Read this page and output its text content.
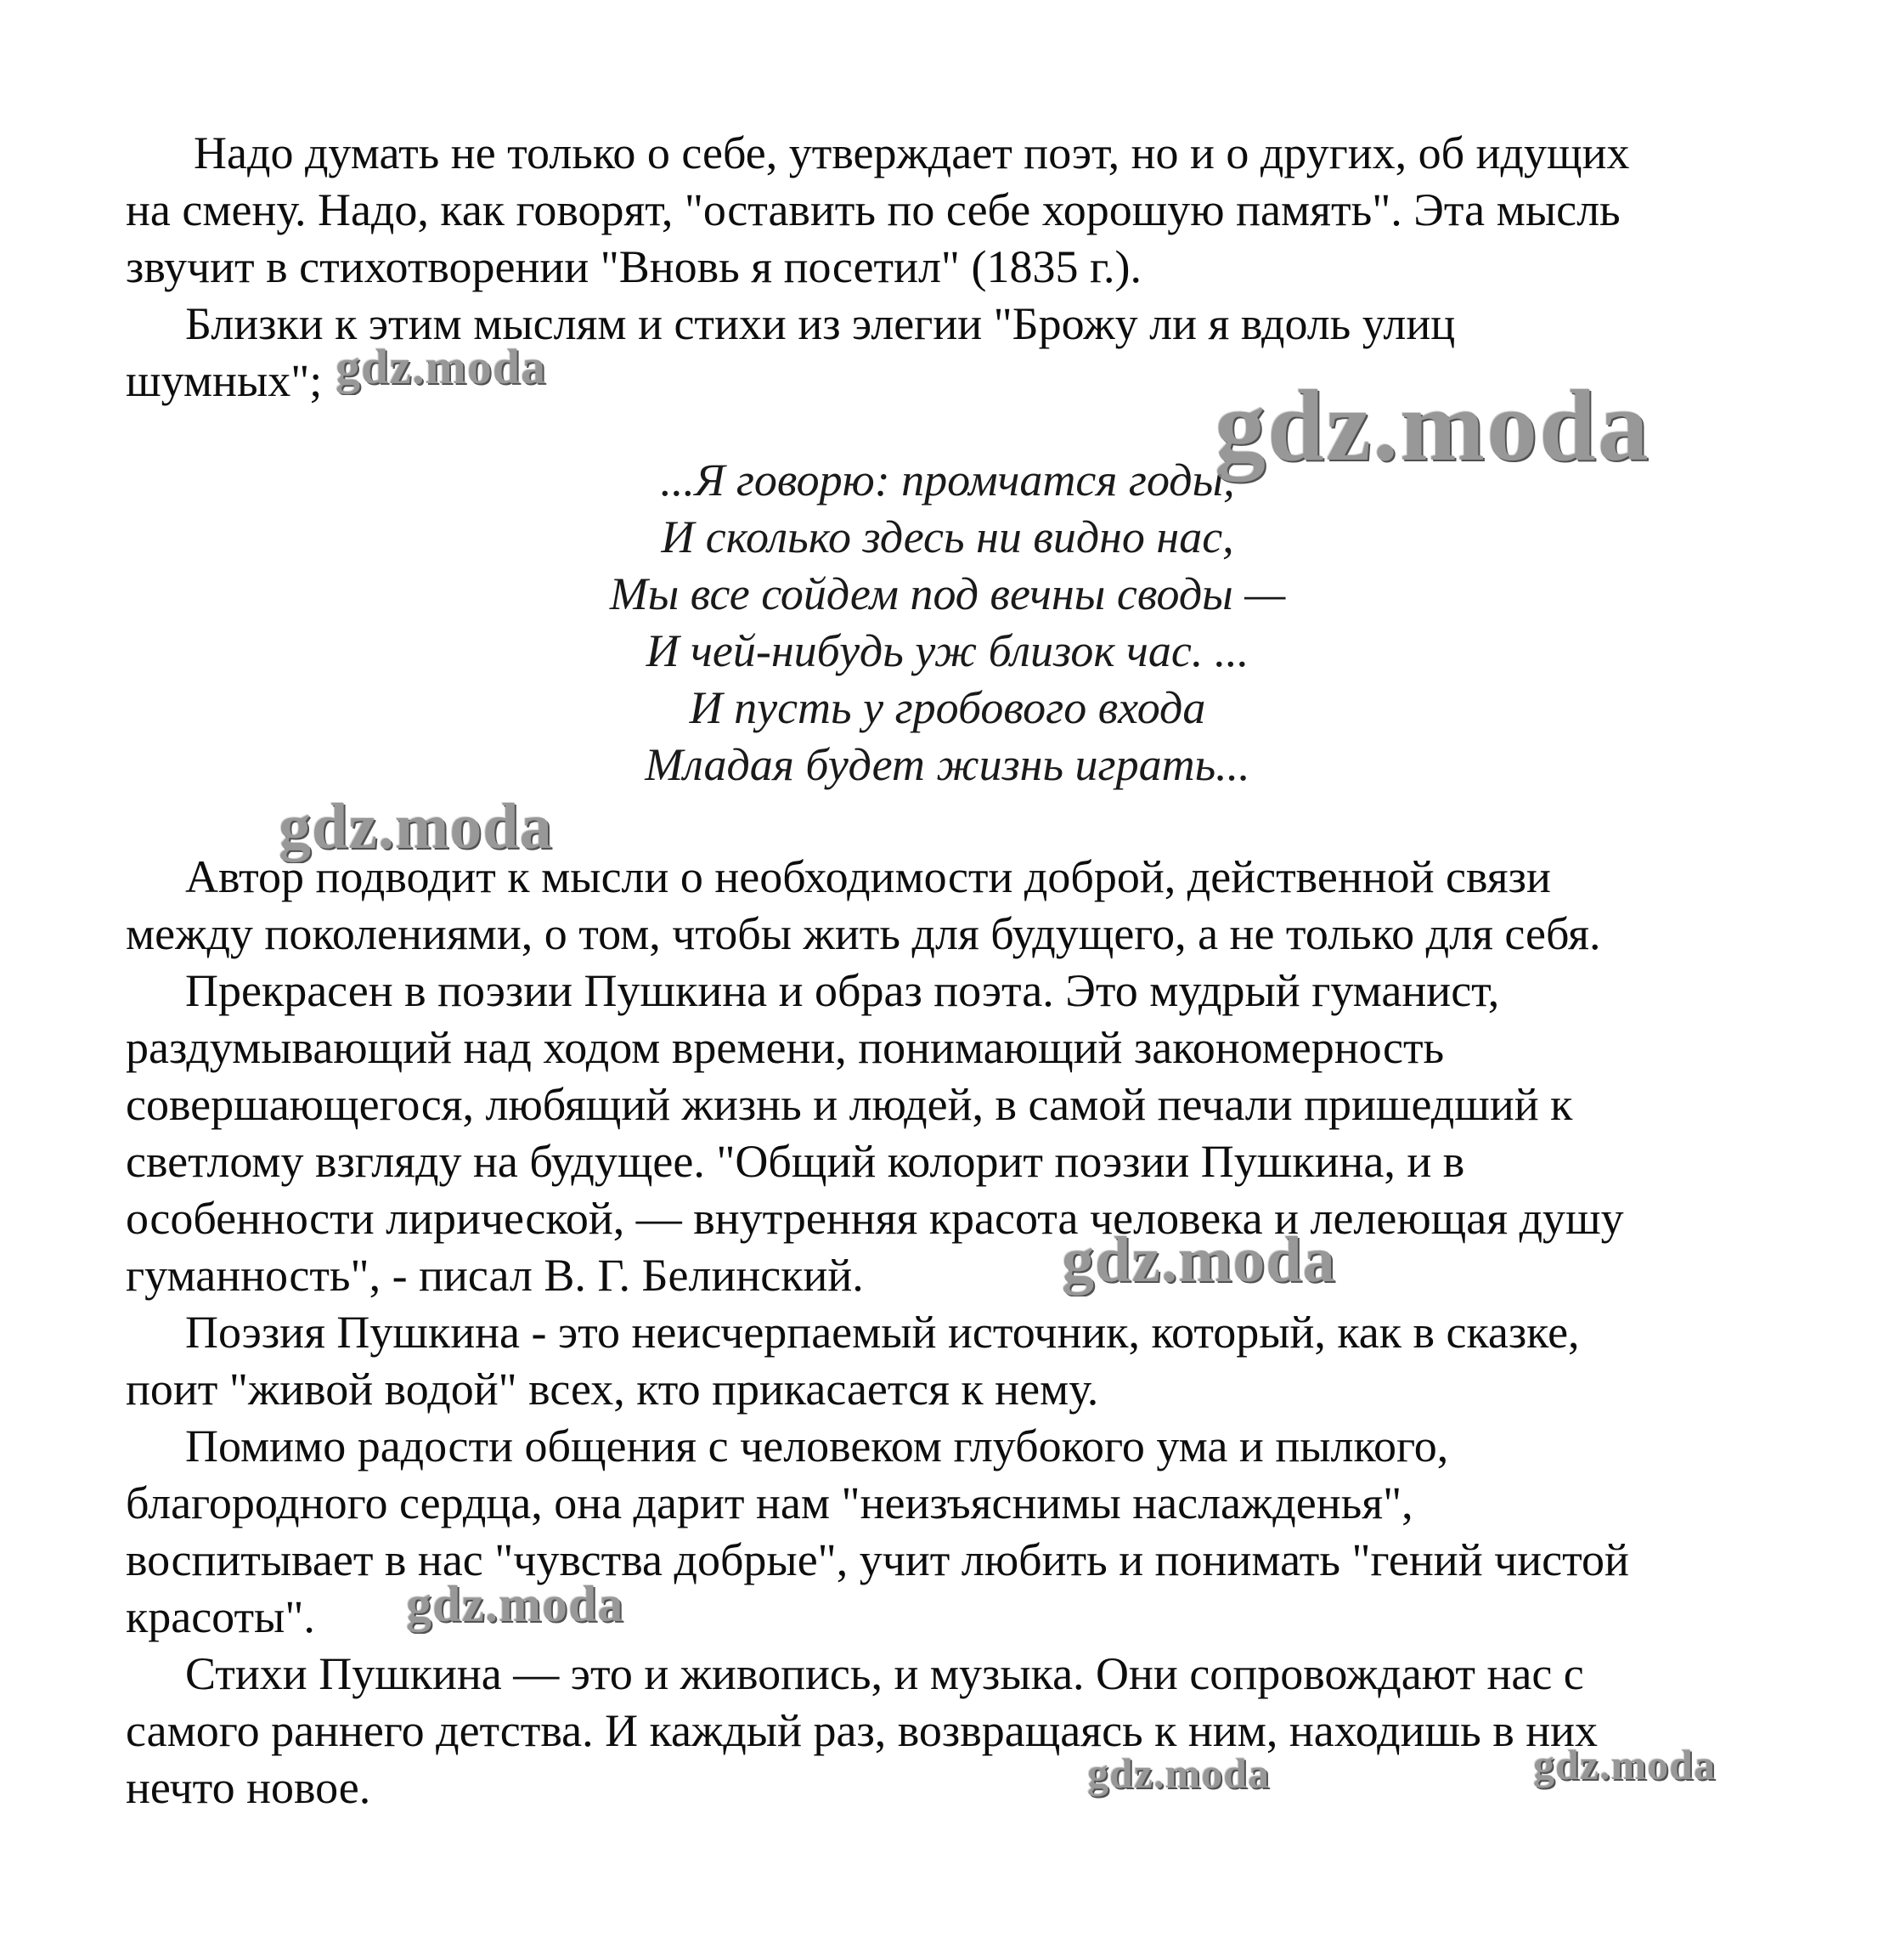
Надо думать не только о себе, утверждает поэт, но и о других, об идущих

на смену. Надо, как говорят, "оставить по себе хорошую память". Эта мысль

звучит в стихотворении "Вновь я посетил" (1835 г.).

Близки к этим мыслям и стихи из элегии "Брожу ли я вдоль улиц

шумных";

...Я говорю: промчатся годы,

И сколько здесь ни видно нас,

Мы все сойдем под вечны своды —

И чей-нибудь уж близок час. ...

И пусть у гробового входа

Младая будет жизнь играть...

Автор подводит к мысли о необходимости доброй, действенной связи

между поколениями, о том, чтобы жить для будущего, а не только для себя.

Прекрасен в поэзии Пушкина и образ поэта. Это мудрый гуманист,

раздумывающий над ходом времени, понимающий закономерность

совершающегося, любящий жизнь и людей, в самой печали пришедший к

светлому взгляду на будущее. "Общий колорит поэзии Пушкина, и в

особенности лирической, — внутренняя красота человека и лелеющая душу

гуманность", - писал В. Г. Белинский.

Поэзия Пушкина - это неисчерпаемый источник, который, как в сказке,

поит "живой водой" всех, кто прикасается к нему.

Помимо радости общения с человеком глубокого ума и пылкого,

благородного сердца, она дарит нам "неизъяснимы наслажденья",

воспитывает в нас "чувства добрые", учит любить и понимать "гений чистой

красоты".

Стихи Пушкина — это и живопись, и музыка. Они сопровождают нас с

самого раннего детства. И каждый раз, возвращаясь к ним, находишь в них

нечто новое.

gdz.moda
gdz.moda
gdz.moda
gdz.moda
gdz.moda
gdz.moda	gdz.moda
